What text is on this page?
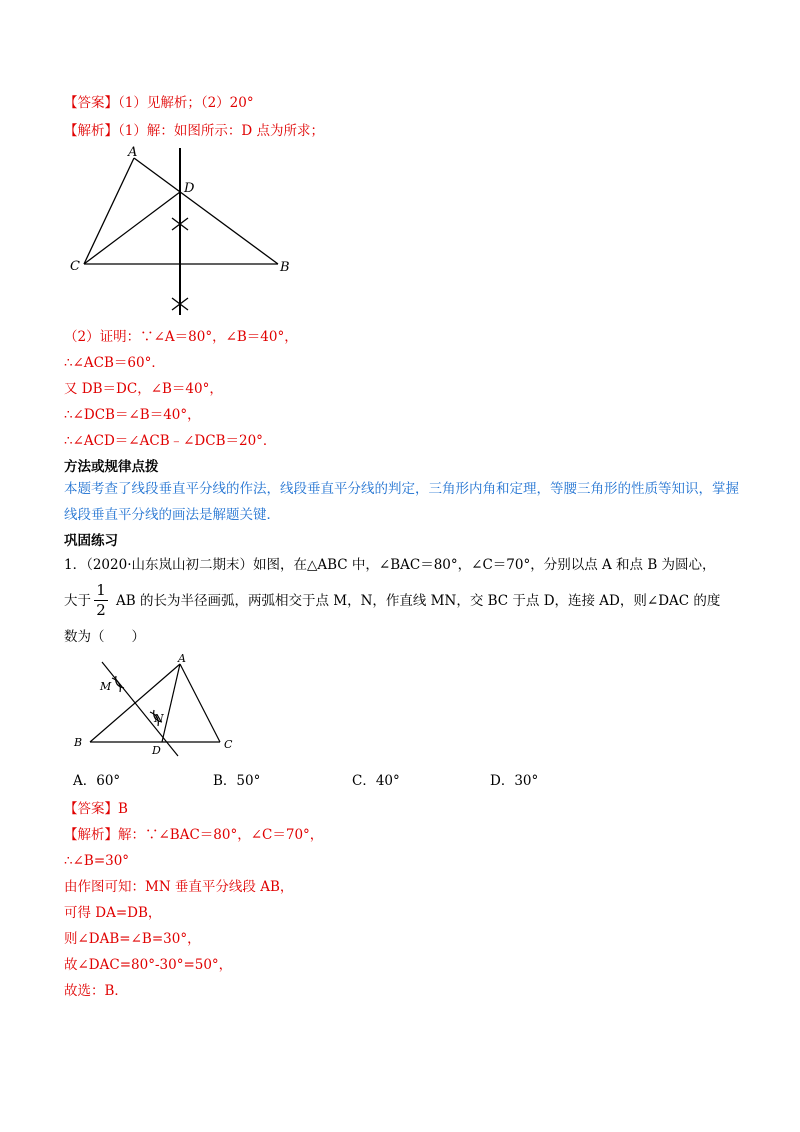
【答案】（1）见解析；（2）20°
【解析】（1）解：如图所示：D 点为所求；
A
D
C	B
（2）证明：∵∠A＝80°，∠B＝40°，
∴∠ACB＝60°．
又 DB＝DC，∠B＝40°，
∴∠DCB＝∠B＝40°，
∴∠ACD＝∠ACB﹣∠DCB＝20°．
方法或规律点拨
本题考查了线段垂直平分线的作法，线段垂直平分线的判定，三角形内角和定理，等腰三角形的性质等知识，掌握线段垂直平分线的画法是解题关键．
巩固练习
1．（2020·山东岚山初二期末）如图，在△ABC 中，∠BAC＝80°，∠C＝70°，分别以点 A 和点 B 为圆心，
大于
1
2 AB 的长为半径画弧，两弧相交于点 M，N，作直线 MN，交 BC 于点 D，连接 AD，则∠DAC 的度
数为（　　）
A
M
N
B
D	C
A．60°	B．50°	C．40°	D．30°
【答案】B
【解析】解：∵∠BAC＝80°，∠C＝70°，
∴∠B=30°
由作图可知：MN 垂直平分线段 AB，
可得 DA=DB，
则∠DAB=∠B=30°，
故∠DAC=80°-30°=50°，
故选：B．
